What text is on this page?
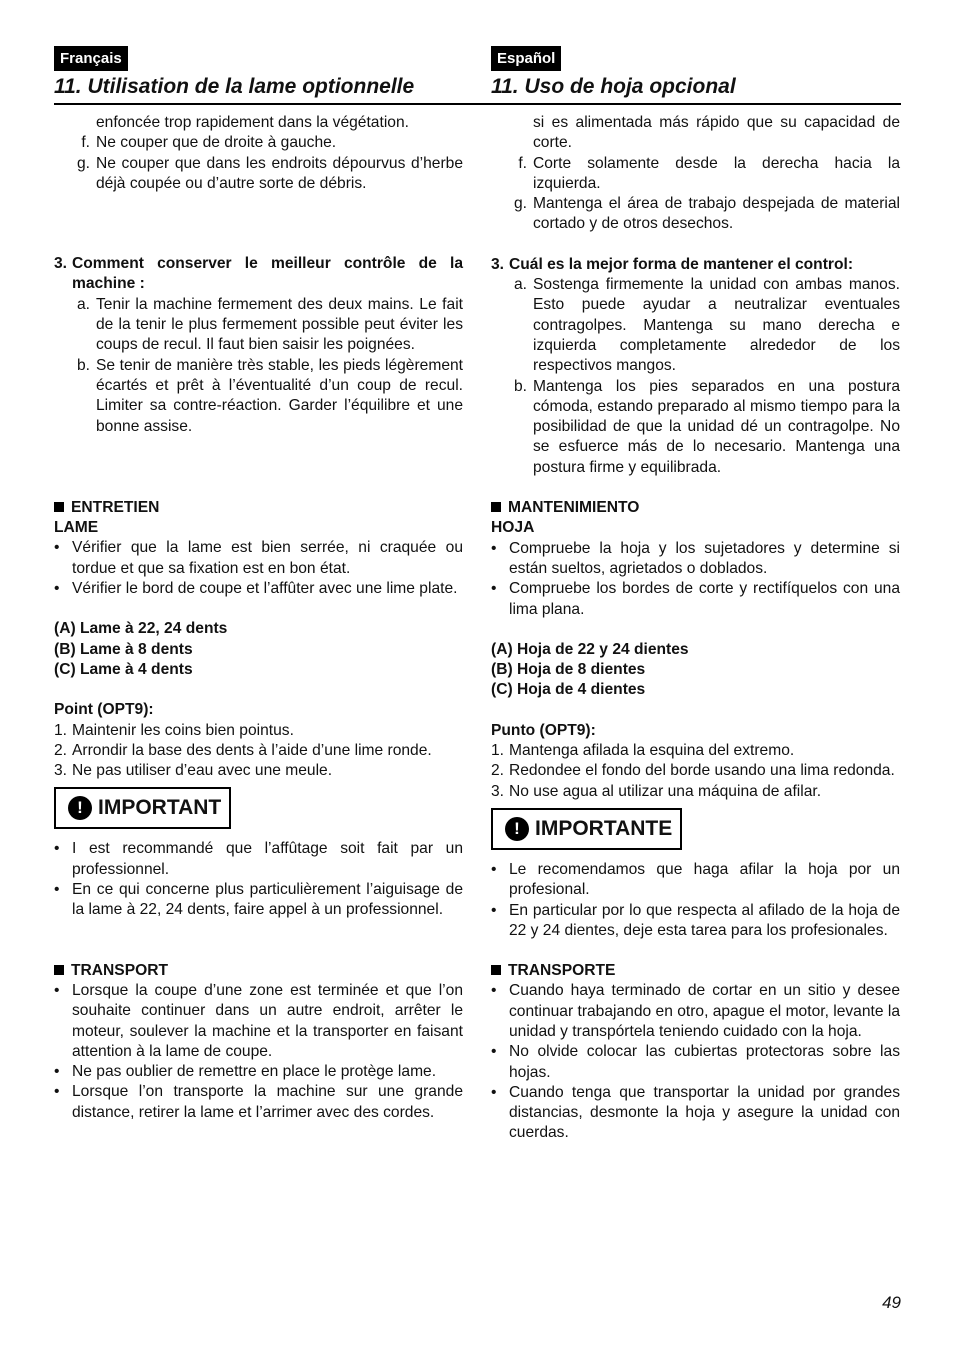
Français
11. Utilisation de la lame optionnelle
enfoncée trop rapidement dans la végétation.
f. Ne couper que de droite à gauche.
g. Ne couper que dans les endroits dépourvus d’herbe déjà coupée ou d’autre sorte de débris.
3. Comment conserver le meilleur contrôle de la machine :
a. Tenir la machine fermement des deux mains. Le fait de la tenir le plus fermement possible peut éviter les coups de recul. Il faut bien saisir les poignées.
b. Se tenir de manière très stable, les pieds légèrement écartés et prêt à l’éventualité d’un coup de recul. Limiter sa contre-réaction. Garder l’équilibre et une bonne assise.
ENTRETIEN
LAME
• Vérifier que la lame est bien serrée, ni craquée ou tordue et que sa fixation est en bon état.
• Vérifier le bord de coupe et l’affûter avec une lime plate.
(A) Lame à 22, 24 dents
(B) Lame à 8 dents
(C) Lame à 4 dents
Point (OPT9):
1. Maintenir les coins bien pointus.
2. Arrondir la base des dents à l’aide d’une lime ronde.
3. Ne pas utiliser d’eau avec une meule.
! IMPORTANT
• I est recommandé que l’affûtage soit fait par un professionnel.
• En ce qui concerne plus particulièrement l’aiguisage de la lame à 22, 24 dents, faire appel à un professionnel.
TRANSPORT
• Lorsque la coupe d’une zone est terminée et que l’on souhaite continuer dans un autre endroit, arrêter le moteur, soulever la machine et la transporter en faisant attention à la lame de coupe.
• Ne pas oublier de remettre en place le protège lame.
• Lorsque l’on transporte la machine sur une grande distance, retirer la lame et l’arrimer avec des cordes.
Español
11. Uso de hoja opcional
si es alimentada más rápido que su capacidad de corte.
f. Corte solamente desde la derecha hacia la izquierda.
g. Mantenga el área de trabajo despejada de material cortado y de otros desechos.
3. Cuál es la mejor forma de mantener el control:
a. Sostenga firmemente la unidad con ambas manos. Esto puede ayudar a neutralizar eventuales contragolpes. Mantenga su mano derecha e izquierda completamente alrededor de los respectivos mangos.
b. Mantenga los pies separados en una postura cómoda, estando preparado al mismo tiempo para la posibilidad de que la unidad dé un contragolpe. No se esfuerce más de lo necesario. Mantenga una postura firme y equilibrada.
MANTENIMIENTO
HOJA
• Compruebe la hoja y los sujetadores y determine si están sueltos, agrietados o doblados.
• Compruebe los bordes de corte y rectifíquelos con una lima plana.
(A) Hoja de 22 y 24 dientes
(B) Hoja de 8 dientes
(C) Hoja de 4 dientes
Punto (OPT9):
1. Mantenga afilada la esquina del extremo.
2. Redondee el fondo del borde usando una lima redonda.
3. No use agua al utilizar una máquina de afilar.
! IMPORTANTE
• Le recomendamos que haga afilar la hoja por un profesional.
• En particular por lo que respecta al afilado de la hoja de 22 y 24 dientes, deje esta tarea para los profesionales.
TRANSPORTE
• Cuando haya terminado de cortar en un sitio y desee continuar trabajando en otro, apague el motor, levante la unidad y transpórtela teniendo cuidado con la hoja.
• No olvide colocar las cubiertas protectoras sobre las hojas.
• Cuando tenga que transportar la unidad por grandes distancias, desmonte la hoja y asegure la unidad con cuerdas.
49
